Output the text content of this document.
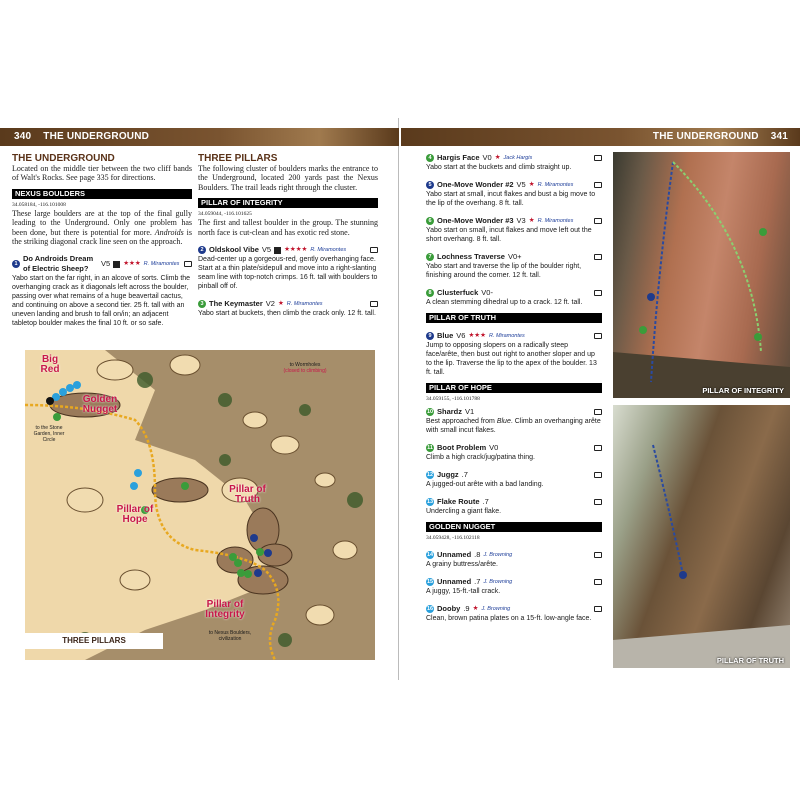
340 THE UNDERGROUND	THE UNDERGROUND 341
THE UNDERGROUND

Located on the middle tier between the two cliff bands of Walt's Rocks. See page 335 for directions.

NEXUS BOULDERS
34.058184, -116.101008

These large boulders are at the top of the final gully leading to the Underground. Only one problem has been done, but there is potential for more. Androids is the striking diagonal crack line seen on the approach.

1
Do Androids Dream of Electric Sheep?
V5 ★★★ R. Miramontes

Yabo start on the far right, in an alcove of sorts. Climb the overhanging crack as it diagonals left across the boulder, passing over what remains of a huge beavertail cactus, and continuing on above a second tier. 25 ft. tall with an uneven landing and brush to fall on/in; an adjacent tabletop boulder makes the final 10 ft. or so safe.

THREE PILLARS

The following cluster of boulders marks the entrance to the Underground, located 200 yards past the Nexus Boulders. The trail leads right through the cluster.

PILLAR OF INTEGRITY
34.059044, -116.101625

The first and tallest boulder in the group. The stunning north face is cut-clean and has exotic red stone.

2 Oldskool Vibe V5 ★★★★ R. Miramontes

Dead-center up a gorgeous-red, gently overhanging face. Start at a thin plate/sidepull and move into a right-slanting seam line with top-notch crimps. 16 ft. tall with boulders to pinball off of.

3 The Keymaster V2 ★ R. Miramontes

Yabo start at buckets, then climb the crack only. 12 ft. tall.

4 Hargis Face V0 ★ Jack Hargis

Yabo start at the buckets and climb straight up.

5 One-Move Wonder #2 V5 ★ R. Miramontes

Yabo start at small, incut flakes and bust a big move to the lip of the overhang. 8 ft. tall.

6 One-Move Wonder #3 V3 ★ R. Miramontes

Yabo start on small, incut flakes and move left out the short overhang. 8 ft. tall.

7 Lochness Traverse V0+

Yabo start and traverse the lip of the boulder right, finishing around the corner. 12 ft. tall.

8 Clusterfuck V0-

A clean stemming dihedral up to a crack. 12 ft. tall.

PILLAR OF TRUTH
9 Blue V6 ★★★ R. Miramontes

Jump to opposing slopers on a radically steep face/arête, then bust out right to another sloper and up to the lip. Traverse the lip to the apex of the boulder. 13 ft. tall.

PILLAR OF HOPE
34.059155, -116.101788
10 Shardz V1

Best approached from Blue. Climb an overhanging arête with small incut flakes.

11 Boot Problem V0

Climb a high crack/jug/patina thing.

12 Juggz .7

A jugged-out arête with a bad landing.

13 Flake Route .7

Undercling a giant flake.

GOLDEN NUGGET
34.059428, -116.102118
14 Unnamed .8 J. Browning

A grainy buttress/arête.

15 Unnamed .7 J. Browning

A juggy, 15-ft.-tall crack.

16 Dooby .9 ★ J. Browning

Clean, brown patina plates on a 15-ft. low-angle face.

PILLAR OF INTEGRITY
PILLAR OF TRUTH
Big Red
Golden Nugget
Pillar of Hope
Pillar of Truth
Pillar of Integrity
to Wormholes
(closed to climbing)
to the Stone Garden, Inner Circle
to Nexus Boulders, civilization
THREE PILLARS
